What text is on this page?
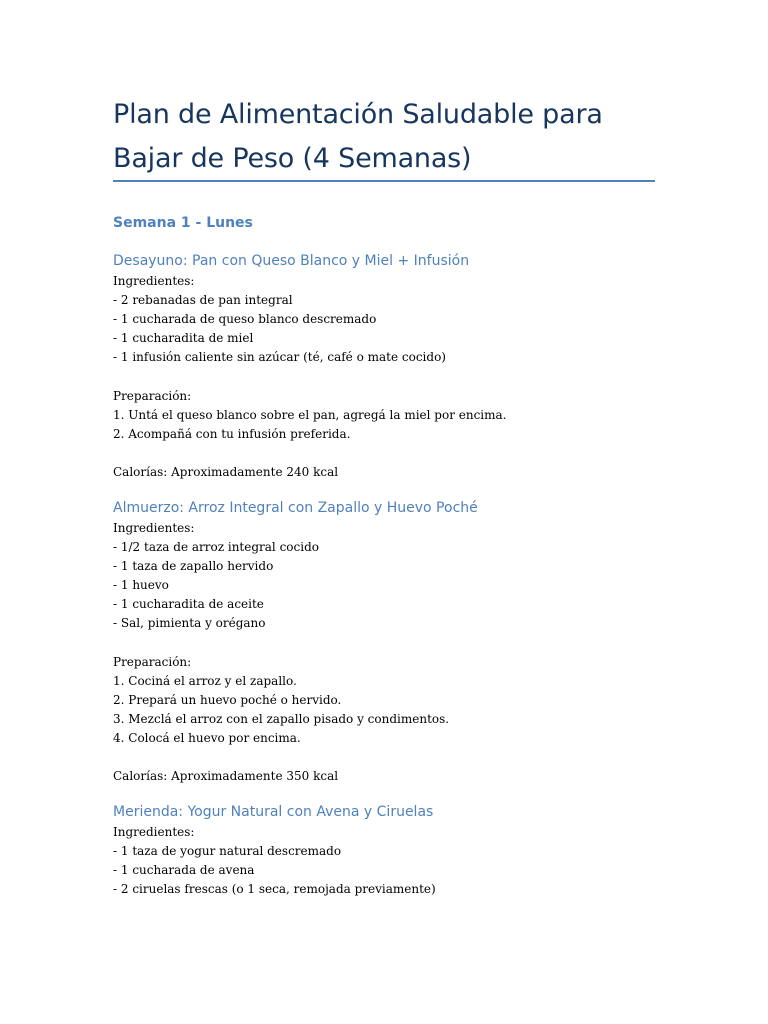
Plan de Alimentación Saludable para Bajar de Peso (4 Semanas)
Semana 1 - Lunes
Desayuno: Pan con Queso Blanco y Miel + Infusión
Ingredientes:
- 2 rebanadas de pan integral
- 1 cucharada de queso blanco descremado
- 1 cucharadita de miel
- 1 infusión caliente sin azúcar (té, café o mate cocido)
Preparación:
1. Untá el queso blanco sobre el pan, agregá la miel por encima.
2. Acompañá con tu infusión preferida.
Calorías: Aproximadamente 240 kcal
Almuerzo: Arroz Integral con Zapallo y Huevo Poché
Ingredientes:
- 1/2 taza de arroz integral cocido
- 1 taza de zapallo hervido
- 1 huevo
- 1 cucharadita de aceite
- Sal, pimienta y orégano
Preparación:
1. Cociná el arroz y el zapallo.
2. Prepará un huevo poché o hervido.
3. Mezclá el arroz con el zapallo pisado y condimentos.
4. Colocá el huevo por encima.
Calorías: Aproximadamente 350 kcal
Merienda: Yogur Natural con Avena y Ciruelas
Ingredientes:
- 1 taza de yogur natural descremado
- 1 cucharada de avena
- 2 ciruelas frescas (o 1 seca, remojada previamente)
